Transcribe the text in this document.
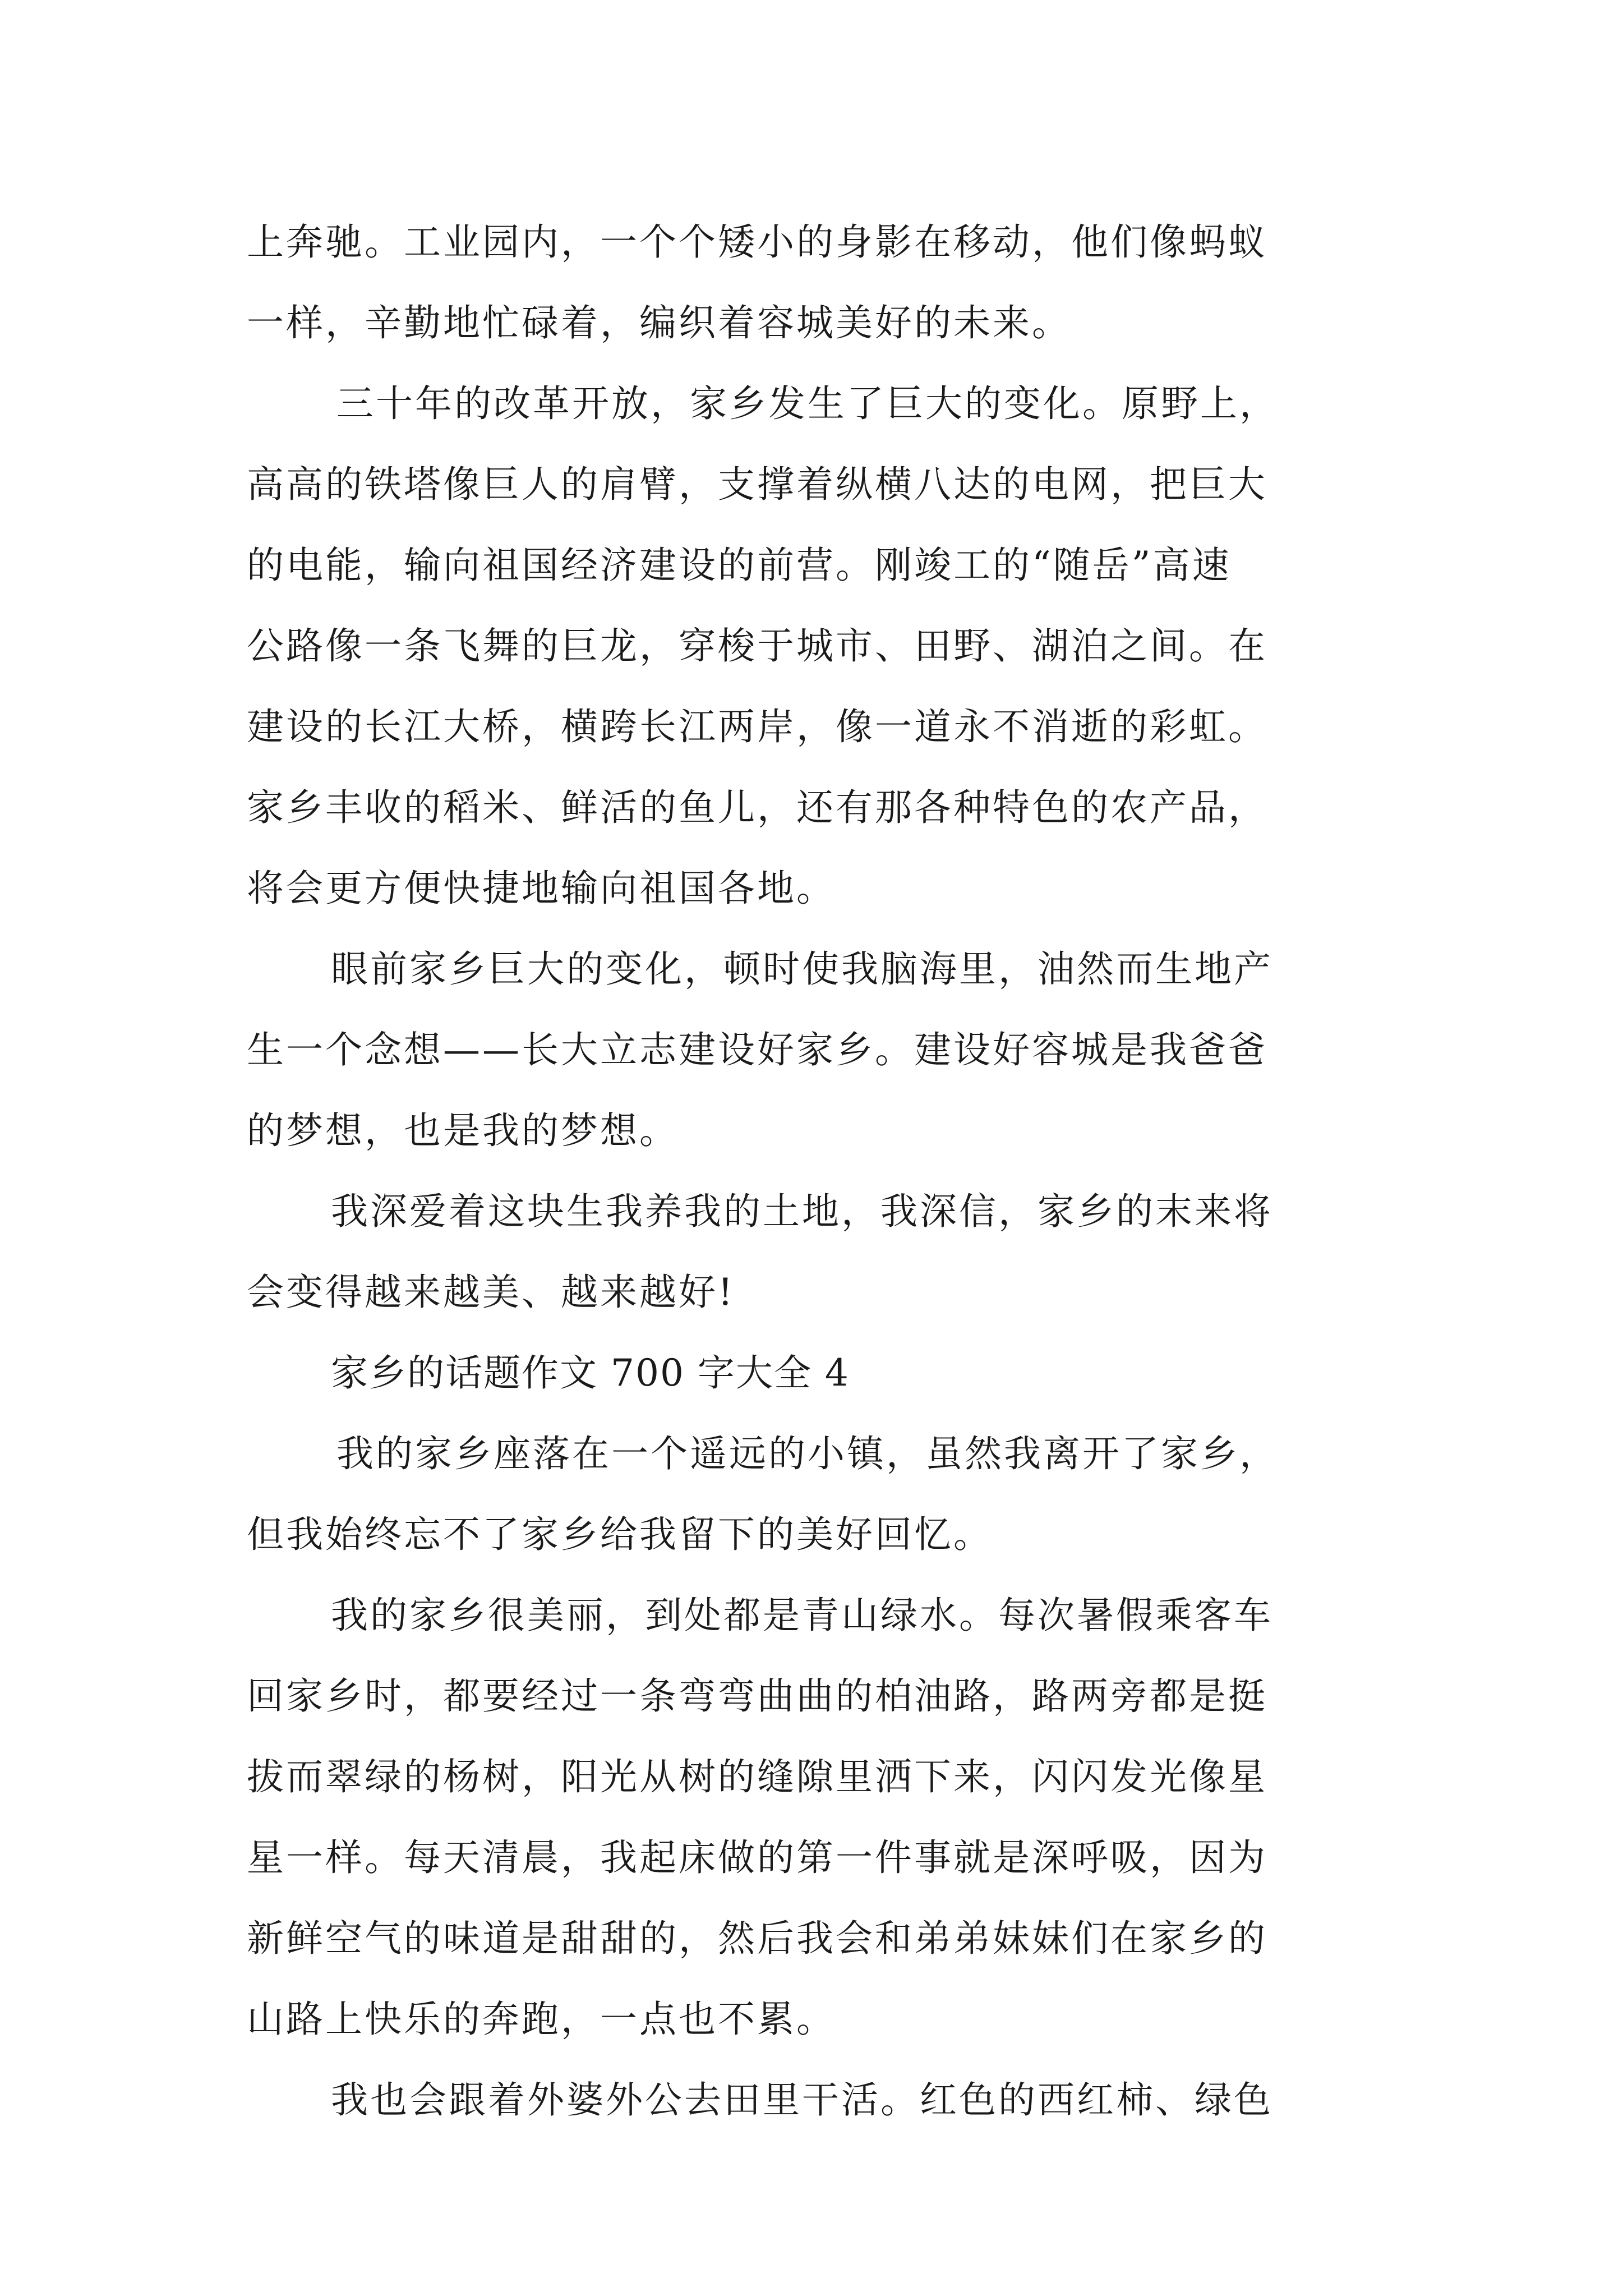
上奔驰。工业园内，一个个矮小的身影在移动，他们像蚂蚁
一样，辛勤地忙碌着，编织着容城美好的未来。
三十年的改革开放，家乡发生了巨大的变化。原野上，
高高的铁塔像巨人的肩臂，支撑着纵横八达的电网，把巨大
的电能，输向祖国经济建设的前营。刚竣工的“随岳”高速
公路像一条飞舞的巨龙，穿梭于城市、田野、湖泊之间。在
建设的长江大桥，横跨长江两岸，像一道永不消逝的彩虹。
家乡丰收的稻米、鲜活的鱼儿，还有那各种特色的农产品，
将会更方便快捷地输向祖国各地。
眼前家乡巨大的变化，顿时使我脑海里，油然而生地产
生一个念想——长大立志建设好家乡。建设好容城是我爸爸
的梦想，也是我的梦想。
我深爱着这块生我养我的土地，我深信，家乡的末来将
会变得越来越美、越来越好!
家乡的话题作文 700 字大全 4
我的家乡座落在一个遥远的小镇，虽然我离开了家乡，
但我始终忘不了家乡给我留下的美好回忆。
我的家乡很美丽，到处都是青山绿水。每次暑假乘客车
回家乡时，都要经过一条弯弯曲曲的柏油路，路两旁都是挺
拔而翠绿的杨树，阳光从树的缝隙里洒下来，闪闪发光像星
星一样。每天清晨，我起床做的第一件事就是深呼吸，因为
新鲜空气的味道是甜甜的，然后我会和弟弟妹妹们在家乡的
山路上快乐的奔跑，一点也不累。
我也会跟着外婆外公去田里干活。红色的西红柿、绿色
